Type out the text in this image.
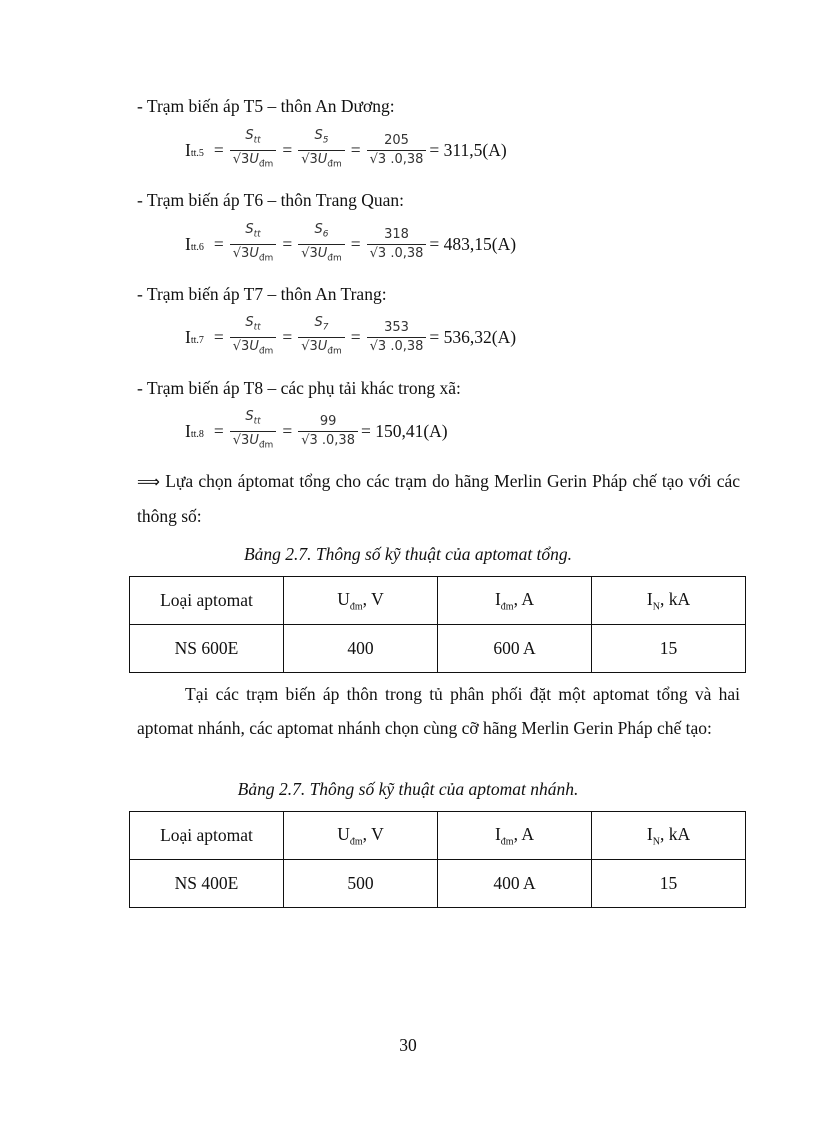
- Trạm biến áp T5 – thôn An Dương:
I $tt.5 = \frac{S_{tt}}{√3U_{đm}} = \frac{S_5}{√3U_{đm}} = \frac{205}{√3 .0,38} = 311,5(A)$
- Trạm biến áp T6 – thôn Trang Quan:
I $tt.6 = \frac{S_{tt}}{√3U_{đm}} = \frac{S_6}{√3U_{đm}} = \frac{318}{√3 .0,38} = 483,15(A)$
- Trạm biến áp T7 – thôn An Trang:
I $tt.7 = \frac{S_{tt}}{√3U_{đm}} = \frac{S_7}{√3U_{đm}} = \frac{353}{√3 .0,38} = 536,32(A)$
- Trạm biến áp T8 – các phụ tải khác trong xã:
I $tt.8 = \frac{S_{tt}}{√3U_{đm}} = \frac{99}{√3 .0,38} = 150,41(A)$
⟹ Lựa chọn áptomat tổng cho các trạm do hãng Merlin Gerin Pháp chế tạo với các thông số:
Bảng 2.7. Thông số kỹ thuật của aptomat tổng.
Loại aptomat	$U_{đm}$, V	$I_{đm}$, A	$I_N$, kA
NS 600E	400	600 A	15
Tại các trạm biến áp thôn trong tủ phân phối đặt một aptomat tổng và hai aptomat nhánh, các aptomat nhánh chọn cùng cỡ hãng Merlin Gerin Pháp chế tạo:
Bảng 2.7. Thông số kỹ thuật của aptomat nhánh.
Loại aptomat	$U_{đm}$, V	$I_{đm}$, A	$I_N$, kA
NS 400E	500	400 A	15
30
